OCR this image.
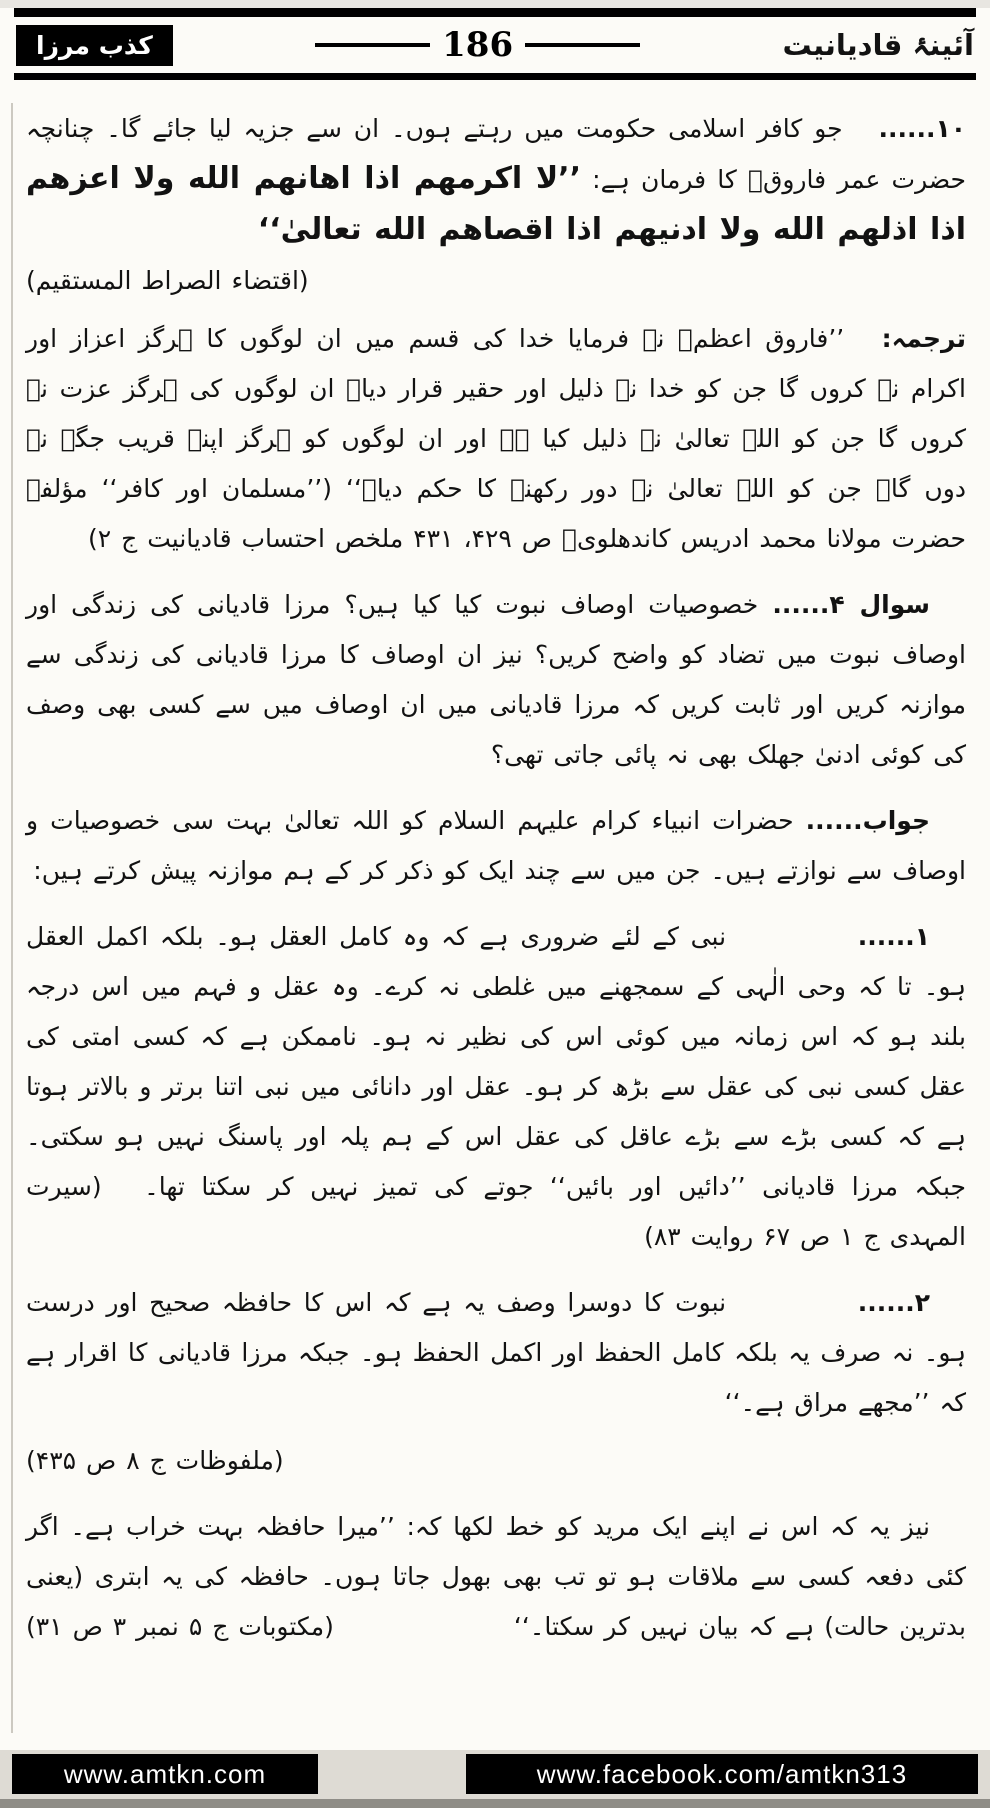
کذب مرزا	186	آئینۂ قادیانیت

۱۰...... جو کافر اسلامی حکومت میں رہتے ہوں۔ ان سے جزیہ لیا جائے گا۔ چنانچہ حضرت عمر فاروقؓ کا فرمان ہے: ’’لا اکرمهم اذا اهانهم الله ولا اعزهم اذا اذلهم الله ولا ادنیهم اذا اقصاهم الله تعالیٰ‘‘
(اقتضاء الصراط المستقیم)

ترجمہ: ’’فاروق اعظمؓ نے فرمایا خدا کی قسم میں ان لوگوں کا ہرگز اعزاز اور اکرام نہ کروں گا جن کو خدا نے ذلیل اور حقیر قرار دیا۔ ان لوگوں کی ہرگز عزت نہ کروں گا جن کو اللہ تعالیٰ نے ذلیل کیا ہے اور ان لوگوں کو ہرگز اپنے قریب جگہ نہ دوں گا۔ جن کو اللہ تعالیٰ نے دور رکھنے کا حکم دیا۔‘‘ (’’مسلمان اور کافر‘‘ مؤلفہ حضرت مولانا محمد ادریس کاندھلویؒ ص ۴۲۹، ۴۳۱ ملخص احتساب قادیانیت ج ۲)

سوال ۴...... خصوصیات اوصاف نبوت کیا کیا ہیں؟ مرزا قادیانی کی زندگی اور اوصاف نبوت میں تضاد کو واضح کریں؟ نیز ان اوصاف کا مرزا قادیانی کی زندگی سے موازنہ کریں اور ثابت کریں کہ مرزا قادیانی میں ان اوصاف میں سے کسی بھی وصف کی کوئی ادنیٰ جھلک بھی نہ پائی جاتی تھی؟

جواب...... حضرات انبیاء کرام علیہم السلام کو اللہ تعالیٰ بہت سی خصوصیات و اوصاف سے نوازتے ہیں۔ جن میں سے چند ایک کو ذکر کر کے ہم موازنہ پیش کرتے ہیں:

۱...... نبی کے لئے ضروری ہے کہ وہ کامل العقل ہو۔ بلکہ اکمل العقل ہو۔ تا کہ وحی الٰہی کے سمجھنے میں غلطی نہ کرے۔ وہ عقل و فہم میں اس درجہ بلند ہو کہ اس زمانہ میں کوئی اس کی نظیر نہ ہو۔ ناممکن ہے کہ کسی امتی کی عقل کسی نبی کی عقل سے بڑھ کر ہو۔ عقل اور دانائی میں نبی اتنا برتر و بالاتر ہوتا ہے کہ کسی بڑے سے بڑے عاقل کی عقل اس کے ہم پلہ اور پاسنگ نہیں ہو سکتی۔ جبکہ مرزا قادیانی ’’دائیں اور بائیں‘‘ جوتے کی تمیز نہیں کر سکتا تھا۔ (سیرت المہدی ج ۱ ص ۶۷ روایت ۸۳)

۲...... نبوت کا دوسرا وصف یہ ہے کہ اس کا حافظہ صحیح اور درست ہو۔ نہ صرف یہ بلکہ کامل الحفظ اور اکمل الحفظ ہو۔ جبکہ مرزا قادیانی کا اقرار ہے کہ ’’مجھے مراق ہے۔‘‘

(ملفوظات ج ۸ ص ۴۳۵)

نیز یہ کہ اس نے اپنے ایک مرید کو خط لکھا کہ: ’’میرا حافظہ بہت خراب ہے۔ اگر کئی دفعہ کسی سے ملاقات ہو تو تب بھی بھول جاتا ہوں۔ حافظہ کی یہ ابتری (یعنی بدترین حالت) ہے کہ بیان نہیں کر سکتا۔‘‘
(مکتوبات ج ۵ نمبر ۳ ص ۳۱)

www.amtkn.com	www.facebook.com/amtkn313
